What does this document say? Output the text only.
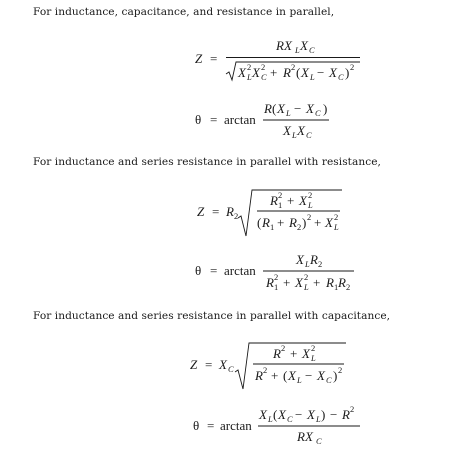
For inductance, capacitance, and resistance in parallel,
For inductance and series resistance in parallel with resistance,
For inductance and series resistance in parallel with capacitance,
Z =
RX L X C
X 2
L X 2
C + R 2 ( X L − X C ) 2
θ = arctan
R ( X L − X C )
X L X C
Z = R 2
R 2
1 + X 2
L
( R 1 + R 2 ) 2 + X 2
L
θ = arctan
X L R 2
R 2
1 + X 2
L + R 1 R 2
Z = X C
R 2 + X 2
L
R 2 + ( X L − X C ) 2
θ = arctan
X L ( X C − X L ) − R 2
RX C
